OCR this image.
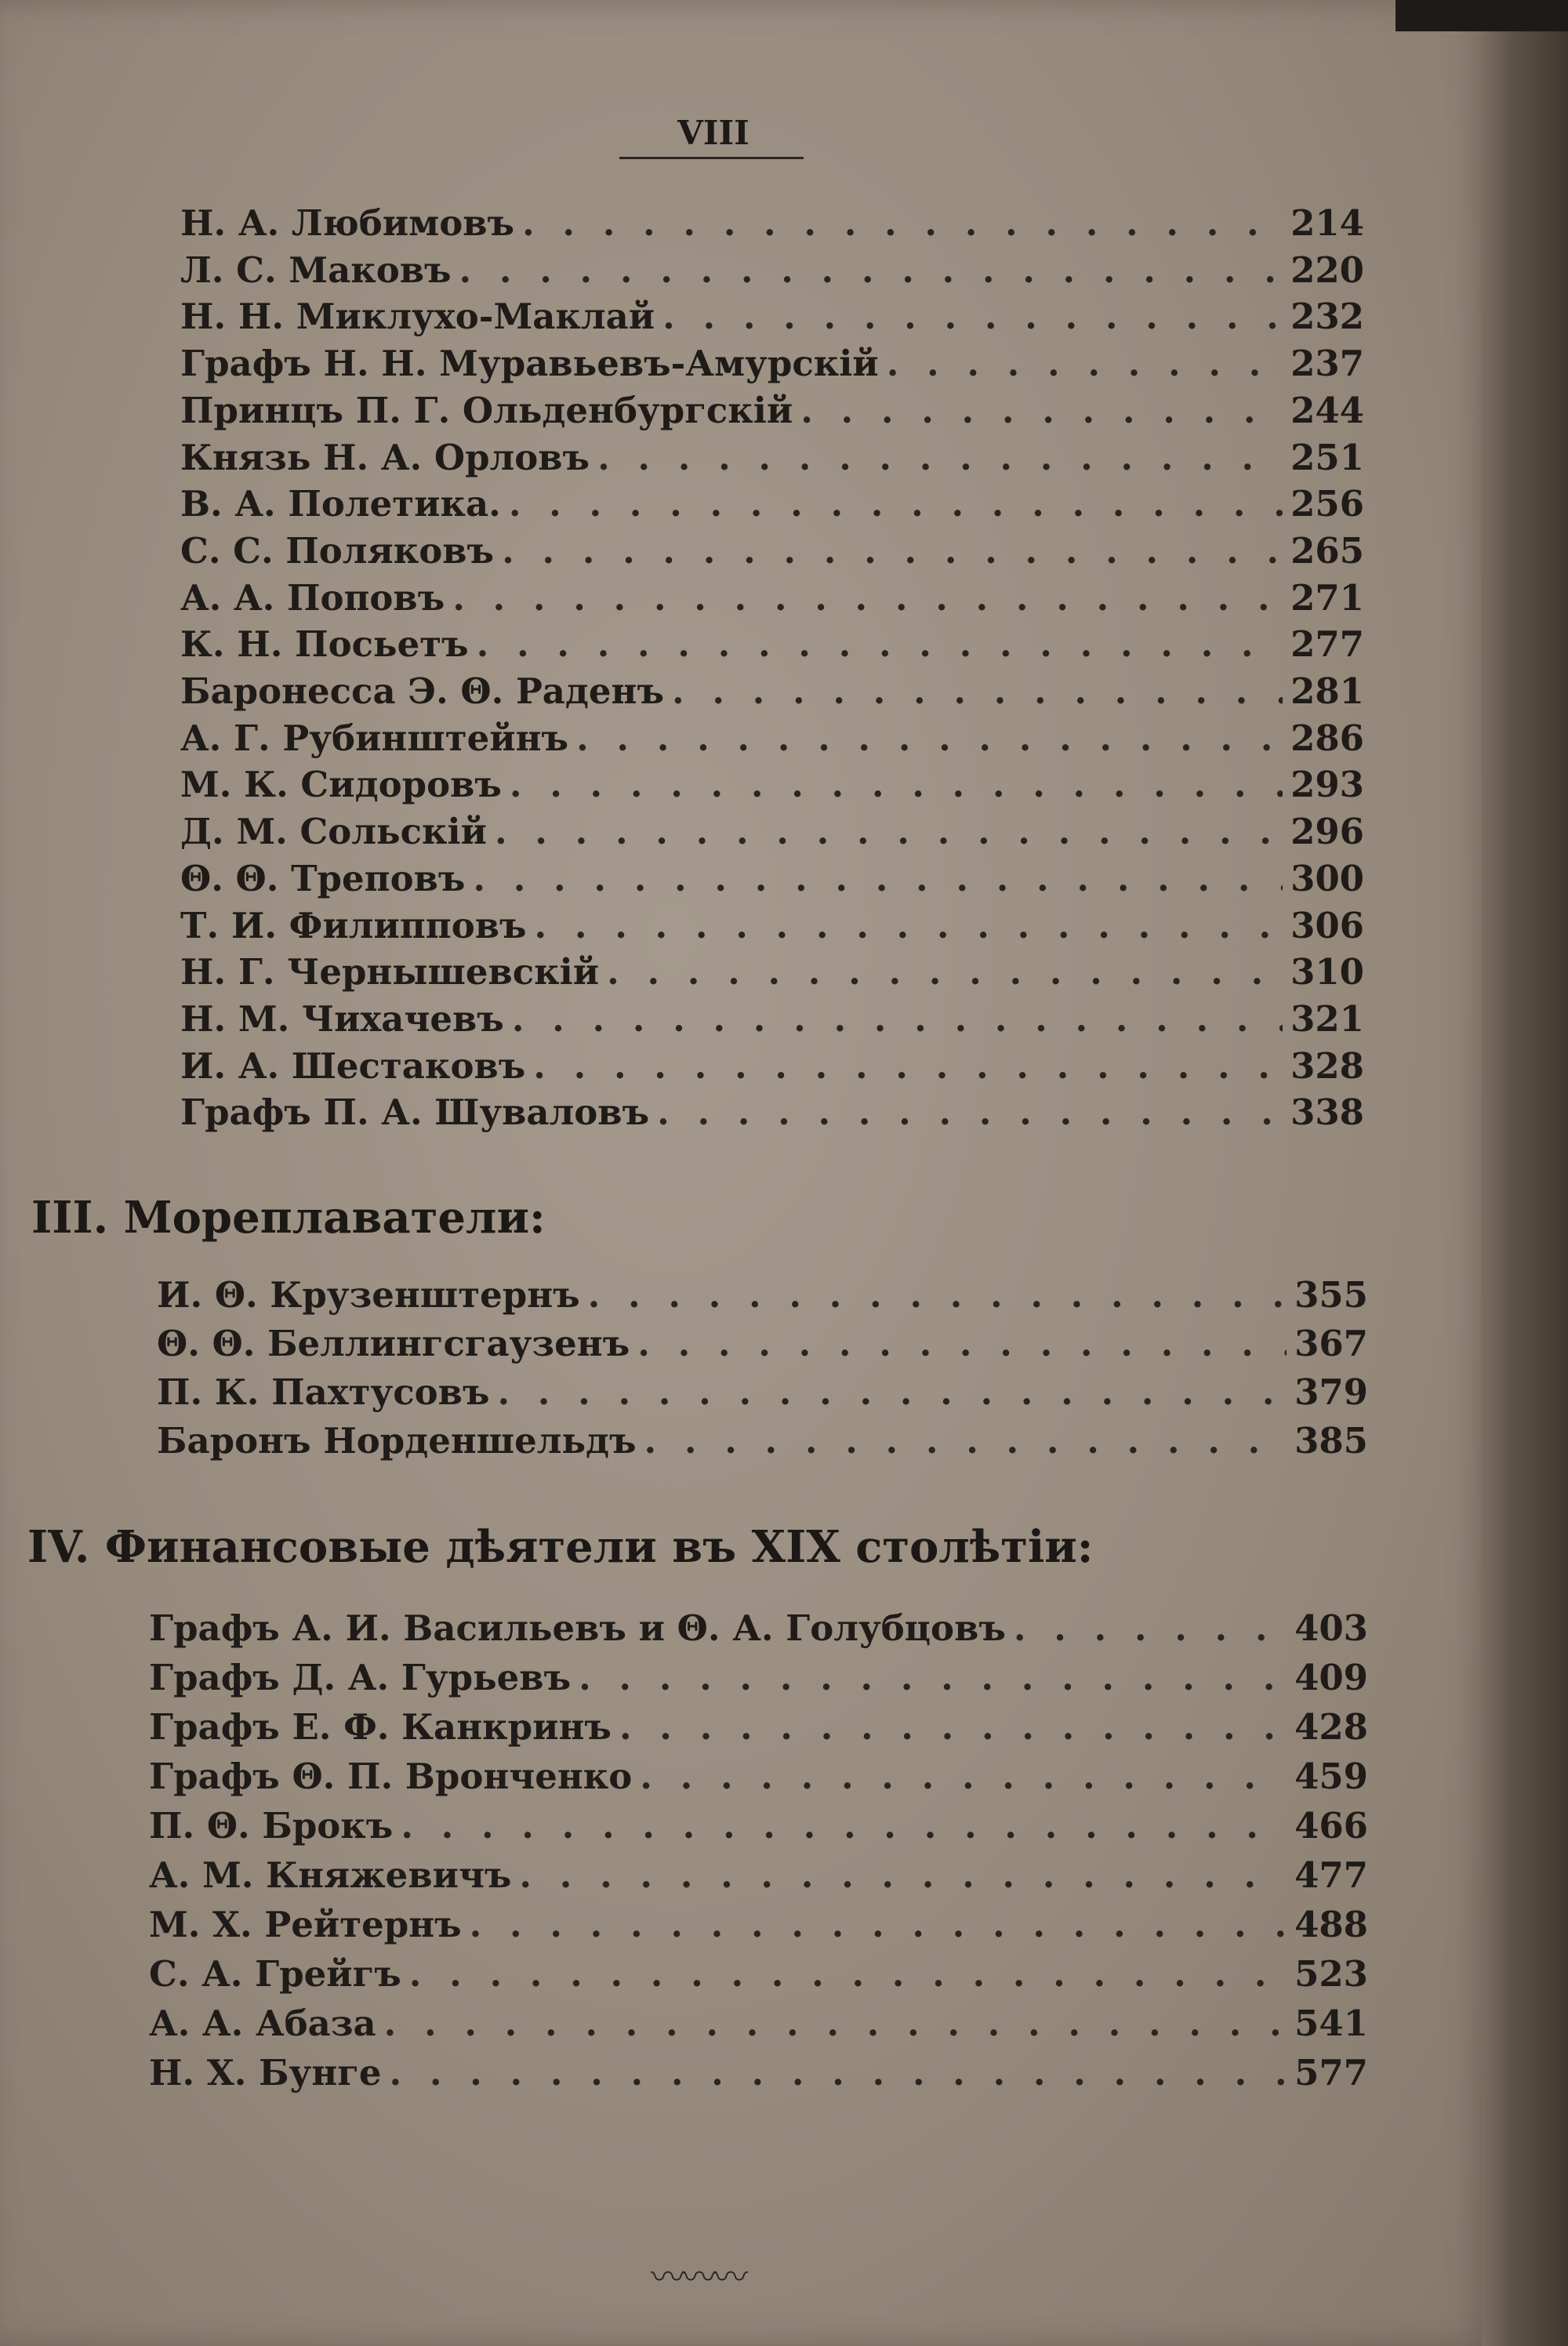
VIII
Н. А. Любимовъ . . .	214
Л. С. Маковъ . . .	220
Н. Н. Миклухо-Маклай . . .	232
Графъ Н. Н. Муравьевъ-Амурскій . . .	237
Принцъ П. Г. Ольденбургскій . . .	244
Князь Н. А. Орловъ . . .	251
В. А. Полетика. . . .	256
С. С. Поляковъ . . .	265
А. А. Поповъ . . .	271
К. Н. Посьетъ . . .	277
Баронесса Э. Θ. Раденъ . . .	281
А. Г. Рубинштейнъ . . .	286
М. К. Сидоровъ . . .	293
Д. М. Сольскій . . .	296
Θ. Θ. Треповъ . . .	300
Т. И. Филипповъ . . .	306
Н. Г. Чернышевскій . . .	310
Н. М. Чихачевъ . . .	321
И. А. Шестаковъ . . .	328
Графъ П. А. Шуваловъ . . .	338
И. Θ. Крузенштернъ . . .	355
Θ. Θ. Беллингсгаузенъ . . .	367
П. К. Пахтусовъ . . .	379
Баронъ Норденшельдъ . . .	385
Графъ А. И. Васильевъ и Θ. А. Голубцовъ . . .	403
Графъ Д. А. Гурьевъ . . .	409
Графъ Е. Ф. Канкринъ . . .	428
Графъ Θ. П. Вронченко . . .	459
П. Θ. Брокъ . . .	466
А. М. Княжевичъ . . .	477
М. Х. Рейтернъ . . .	488
С. А. Грейгъ . . .	523
А. А. Абаза . . .	541
Н. Х. Бунге . . .	577
III. Мореплаватели:
IV. Финансовые дѣятели въ XIX столѣтіи:
〰〰〰
